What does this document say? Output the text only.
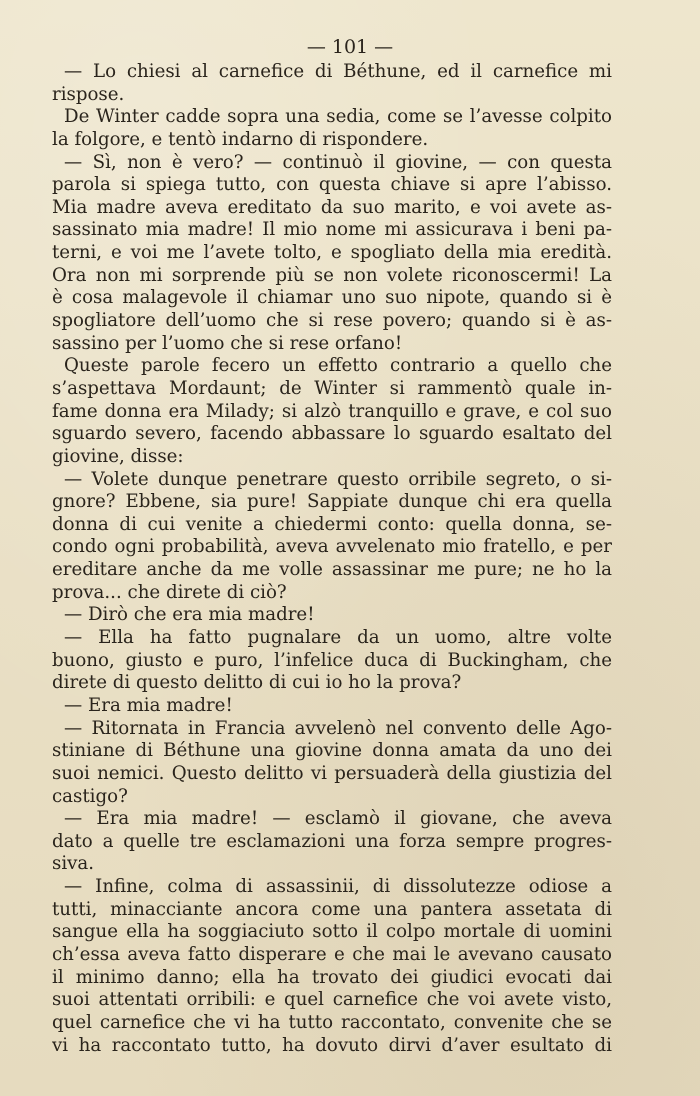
— 101 —
— Lo chiesi al carnefice di Béthune, ed il carnefice mi
rispose.
De Winter cadde sopra una sedia, come se l’avesse colpito
la folgore, e tentò indarno di rispondere.
— Sì, non è vero? — continuò il giovine, — con questa
parola si spiega tutto, con questa chiave si apre l’abisso.
Mia madre aveva ereditato da suo marito, e voi avete as-
sassinato mia madre! Il mio nome mi assicurava i beni pa-
terni, e voi me l’avete tolto, e spogliato della mia eredità.
Ora non mi sorprende più se non volete riconoscermi! La
è cosa malagevole il chiamar uno suo nipote, quando si è
spogliatore dell’uomo che si rese povero; quando si è as-
sassino per l’uomo che si rese orfano!
Queste parole fecero un effetto contrario a quello che
s’aspettava Mordaunt; de Winter si rammentò quale in-
fame donna era Milady; si alzò tranquillo e grave, e col suo
sguardo severo, facendo abbassare lo sguardo esaltato del
giovine, disse:
— Volete dunque penetrare questo orribile segreto, o si-
gnore? Ebbene, sia pure! Sappiate dunque chi era quella
donna di cui venite a chiedermi conto: quella donna, se-
condo ogni probabilità, aveva avvelenato mio fratello, e per
ereditare anche da me volle assassinar me pure; ne ho la
prova... che direte di ciò?
— Dirò che era mia madre!
— Ella ha fatto pugnalare da un uomo, altre volte
buono, giusto e puro, l’infelice duca di Buckingham, che
direte di questo delitto di cui io ho la prova?
— Era mia madre!
— Ritornata in Francia avvelenò nel convento delle Ago-
stiniane di Béthune una giovine donna amata da uno dei
suoi nemici. Questo delitto vi persuaderà della giustizia del
castigo?
— Era mia madre! — esclamò il giovane, che aveva
dato a quelle tre esclamazioni una forza sempre progres-
siva.
— Infine, colma di assassinii, di dissolutezze odiose a
tutti, minacciante ancora come una pantera assetata di
sangue ella ha soggiaciuto sotto il colpo mortale di uomini
ch’essa aveva fatto disperare e che mai le avevano causato
il minimo danno; ella ha trovato dei giudici evocati dai
suoi attentati orribili: e quel carnefice che voi avete visto,
quel carnefice che vi ha tutto raccontato, convenite che se
vi ha raccontato tutto, ha dovuto dirvi d’aver esultato di
